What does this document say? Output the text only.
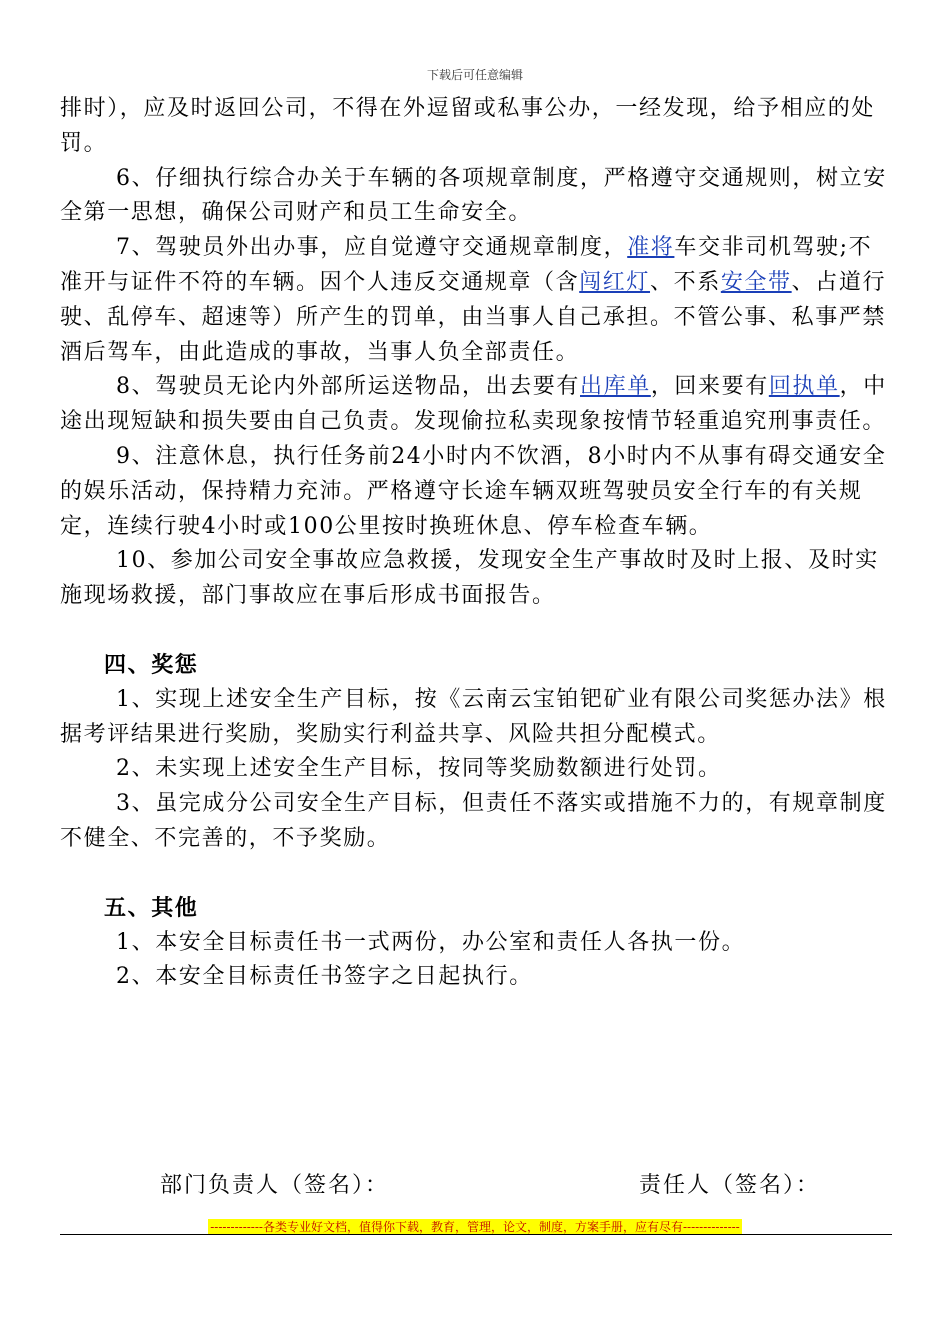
下载后可任意编辑

排时），应及时返回公司，不得在外逗留或私事公办，一经发现，给予相应的处罚。

6、仔细执行综合办关于车辆的各项规章制度，严格遵守交通规则，树立安全第一思想，确保公司财产和员工生命安全。

7、驾驶员外出办事，应自觉遵守交通规章制度，准将车交非司机驾驶;不准开与证件不符的车辆。因个人违反交通规章（含闯红灯、不系安全带、占道行驶、乱停车、超速等）所产生的罚单，由当事人自己承担。不管公事、私事严禁酒后驾车，由此造成的事故，当事人负全部责任。

8、驾驶员无论内外部所运送物品，出去要有出库单，回来要有回执单，中途出现短缺和损失要由自己负责。发现偷拉私卖现象按情节轻重追究刑事责任。

9、注意休息，执行任务前24小时内不饮酒，8小时内不从事有碍交通安全的娱乐活动，保持精力充沛。严格遵守长途车辆双班驾驶员安全行车的有关规定，连续行驶4小时或100公里按时换班休息、停车检查车辆。

10、参加公司安全事故应急救援，发现安全生产事故时及时上报、及时实施现场救援，部门事故应在事后形成书面报告。

四、奖惩

1、实现上述安全生产目标，按《云南云宝铂钯矿业有限公司奖惩办法》根据考评结果进行奖励，奖励实行利益共享、风险共担分配模式。

2、未实现上述安全生产目标，按同等奖励数额进行处罚。

3、虽完成分公司安全生产目标，但责任不落实或措施不力的，有规章制度不健全、不完善的，不予奖励。

五、其他

1、本安全目标责任书一式两份，办公室和责任人各执一份。

2、本安全目标责任书签字之日起执行。

部门负责人（签名）：	责任人（签名）：
-------------各类专业好文档，值得你下载，教育，管理，论文，制度，方案手册，应有尽有--------------
